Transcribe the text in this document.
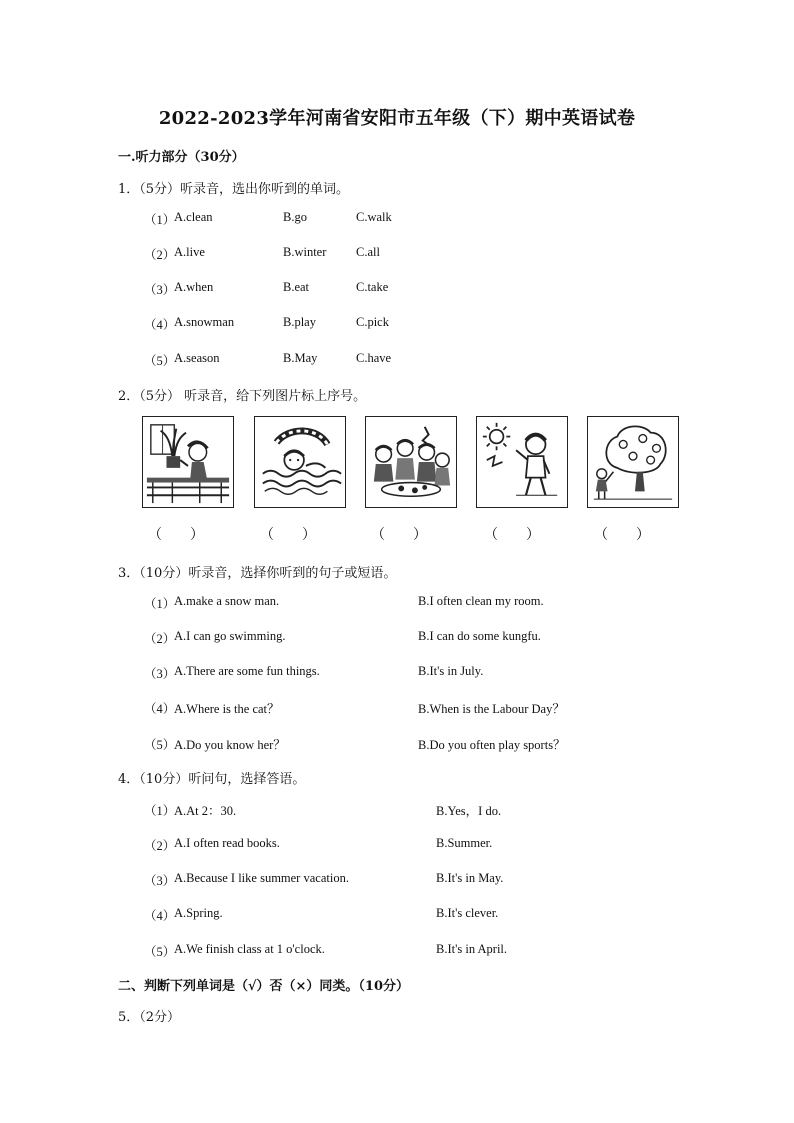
2022-2023学年河南省安阳市五年级（下）期中英语试卷
一.听力部分（30分）
1．（5分）听录音，选出你听到的单词。
（1）
A.clean	B.go	C.walk
（2）
A.live	B.winter C.all
（3）
A.when	B.eat	C.take
（4）
A.snowman	B.play	C.pick
（5）
A.season	B.May	C.have
2．（5分） 听录音，给下列图片标上序号。
（　　）	（　　）	（　　）	（　　）	（　　）
3．（10分）听录音，选择你听到的句子或短语。
（1）
A.make a snow man.	B.I often clean my room.
（2）
A.I can go swimming.	B.I can do some kungfu.
（3）
A.There are some fun things.	B.It's in July.
（4）
A.Where is the cat？	B.When is the Labour Day？
（5）
A.Do you know her？	B.Do you often play sports？
4．（10分）听问句，选择答语。
（1）
A.At 2：30.	B.Yes，I do.
（2）
A.I often read books.	B.Summer.
（3）
A.Because I like summer vacation.	B.It's in May.
（4）
A.Spring.	B.It's clever.
（5）
A.We finish class at 1 o'clock.	B.It's in April.
二、判断下列单词是（√）否（×）同类。（10分）
5．（2分）
